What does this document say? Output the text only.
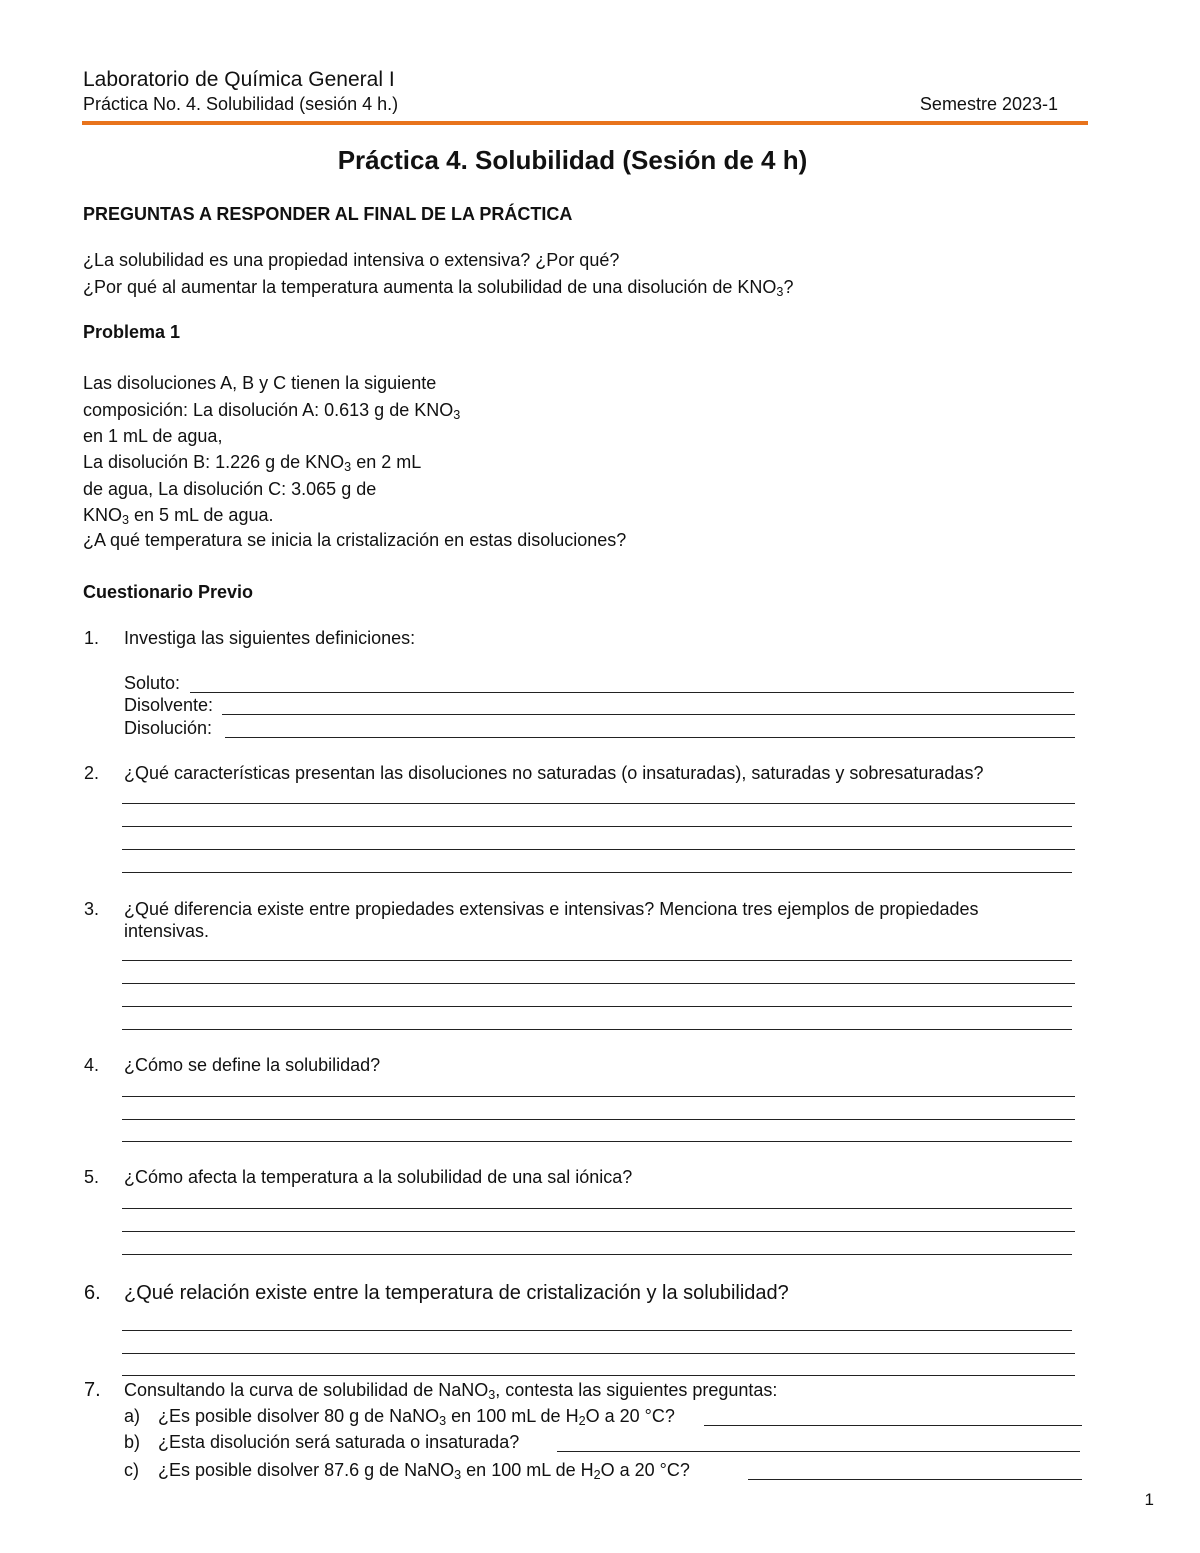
Laboratorio de Química General I
Práctica No. 4. Solubilidad (sesión 4 h.)	Semestre 2023-1
Práctica 4. Solubilidad (Sesión de 4 h)
PREGUNTAS A RESPONDER AL FINAL DE LA PRÁCTICA
¿La solubilidad es una propiedad intensiva o extensiva? ¿Por qué?
¿Por qué al aumentar la temperatura aumenta la solubilidad de una disolución de $KNO_3$?
Problema 1
Las disoluciones A, B y C tienen la siguiente
composición: La disolución A: 0.613 g de $KNO_3$
en 1 mL de agua,
La disolución B: 1.226 g de $KNO_3$ en 2 mL
de agua, La disolución C: 3.065 g de
$KNO_3$ en 5 mL de agua.
¿A qué temperatura se inicia la cristalización en estas disoluciones?
Cuestionario Previo
1. Investiga las siguientes definiciones:
Soluto:
Disolvente:
Disolución:
2. ¿Qué características presentan las disoluciones no saturadas (o insaturadas), saturadas y sobresaturadas?
3. ¿Qué diferencia existe entre propiedades extensivas e intensivas? Menciona tres ejemplos de propiedades
intensivas.
4. ¿Cómo se define la solubilidad?
5. ¿Cómo afecta la temperatura a la solubilidad de una sal iónica?
6. ¿Qué relación existe entre la temperatura de cristalización y la solubilidad?
7. Consultando la curva de solubilidad de NaNO$_3$, contesta las siguientes preguntas:
a) ¿Es posible disolver 80 g de NaNO$_3$ en 100 mL de $H_2O$ a 20 °C?
b) ¿Esta disolución será saturada o insaturada?
c) ¿Es posible disolver 87.6 g de NaNO$_3$ en 100 mL de $H_2O$ a 20 °C?
1
